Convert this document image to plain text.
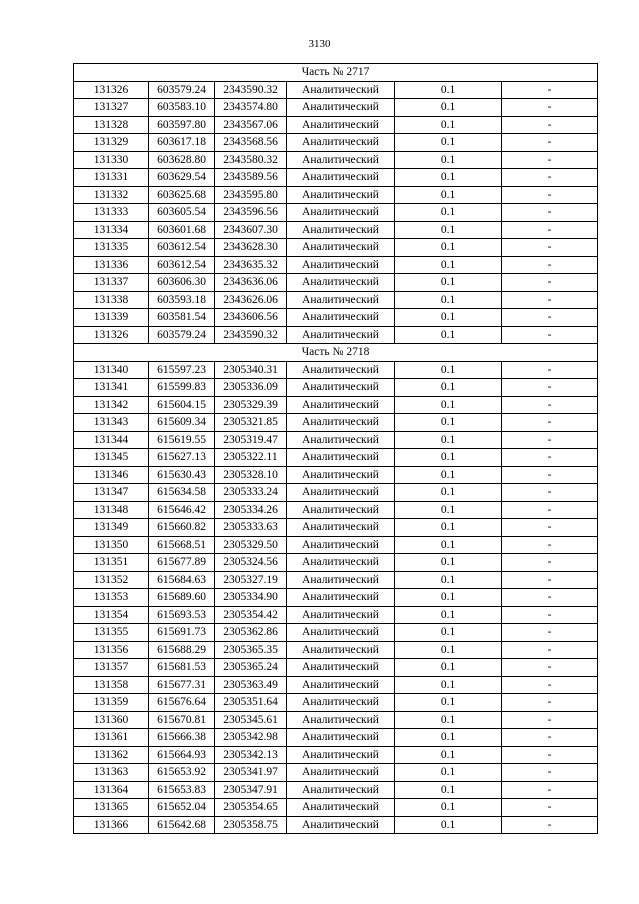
3130
Часть № 2717					
131326	603579.24	2343590.32	Аналитический	0.1	-
131327	603583.10	2343574.80	Аналитический	0.1	-
131328	603597.80	2343567.06	Аналитический	0.1	-
131329	603617.18	2343568.56	Аналитический	0.1	-
131330	603628.80	2343580.32	Аналитический	0.1	-
131331	603629.54	2343589.56	Аналитический	0.1	-
131332	603625.68	2343595.80	Аналитический	0.1	-
131333	603605.54	2343596.56	Аналитический	0.1	-
131334	603601.68	2343607.30	Аналитический	0.1	-
131335	603612.54	2343628.30	Аналитический	0.1	-
131336	603612.54	2343635.32	Аналитический	0.1	-
131337	603606.30	2343636.06	Аналитический	0.1	-
131338	603593.18	2343626.06	Аналитический	0.1	-
131339	603581.54	2343606.56	Аналитический	0.1	-
131326	603579.24	2343590.32	Аналитический	0.1	-
Часть № 2718					
131340	615597.23	2305340.31	Аналитический	0.1	-
131341	615599.83	2305336.09	Аналитический	0.1	-
131342	615604.15	2305329.39	Аналитический	0.1	-
131343	615609.34	2305321.85	Аналитический	0.1	-
131344	615619.55	2305319.47	Аналитический	0.1	-
131345	615627.13	2305322.11	Аналитический	0.1	-
131346	615630.43	2305328.10	Аналитический	0.1	-
131347	615634.58	2305333.24	Аналитический	0.1	-
131348	615646.42	2305334.26	Аналитический	0.1	-
131349	615660.82	2305333.63	Аналитический	0.1	-
131350	615668.51	2305329.50	Аналитический	0.1	-
131351	615677.89	2305324.56	Аналитический	0.1	-
131352	615684.63	2305327.19	Аналитический	0.1	-
131353	615689.60	2305334.90	Аналитический	0.1	-
131354	615693.53	2305354.42	Аналитический	0.1	-
131355	615691.73	2305362.86	Аналитический	0.1	-
131356	615688.29	2305365.35	Аналитический	0.1	-
131357	615681.53	2305365.24	Аналитический	0.1	-
131358	615677.31	2305363.49	Аналитический	0.1	-
131359	615676.64	2305351.64	Аналитический	0.1	-
131360	615670.81	2305345.61	Аналитический	0.1	-
131361	615666.38	2305342.98	Аналитический	0.1	-
131362	615664.93	2305342.13	Аналитический	0.1	-
131363	615653.92	2305341.97	Аналитический	0.1	-
131364	615653.83	2305347.91	Аналитический	0.1	-
131365	615652.04	2305354.65	Аналитический	0.1	-
131366	615642.68	2305358.75	Аналитический	0.1	-
